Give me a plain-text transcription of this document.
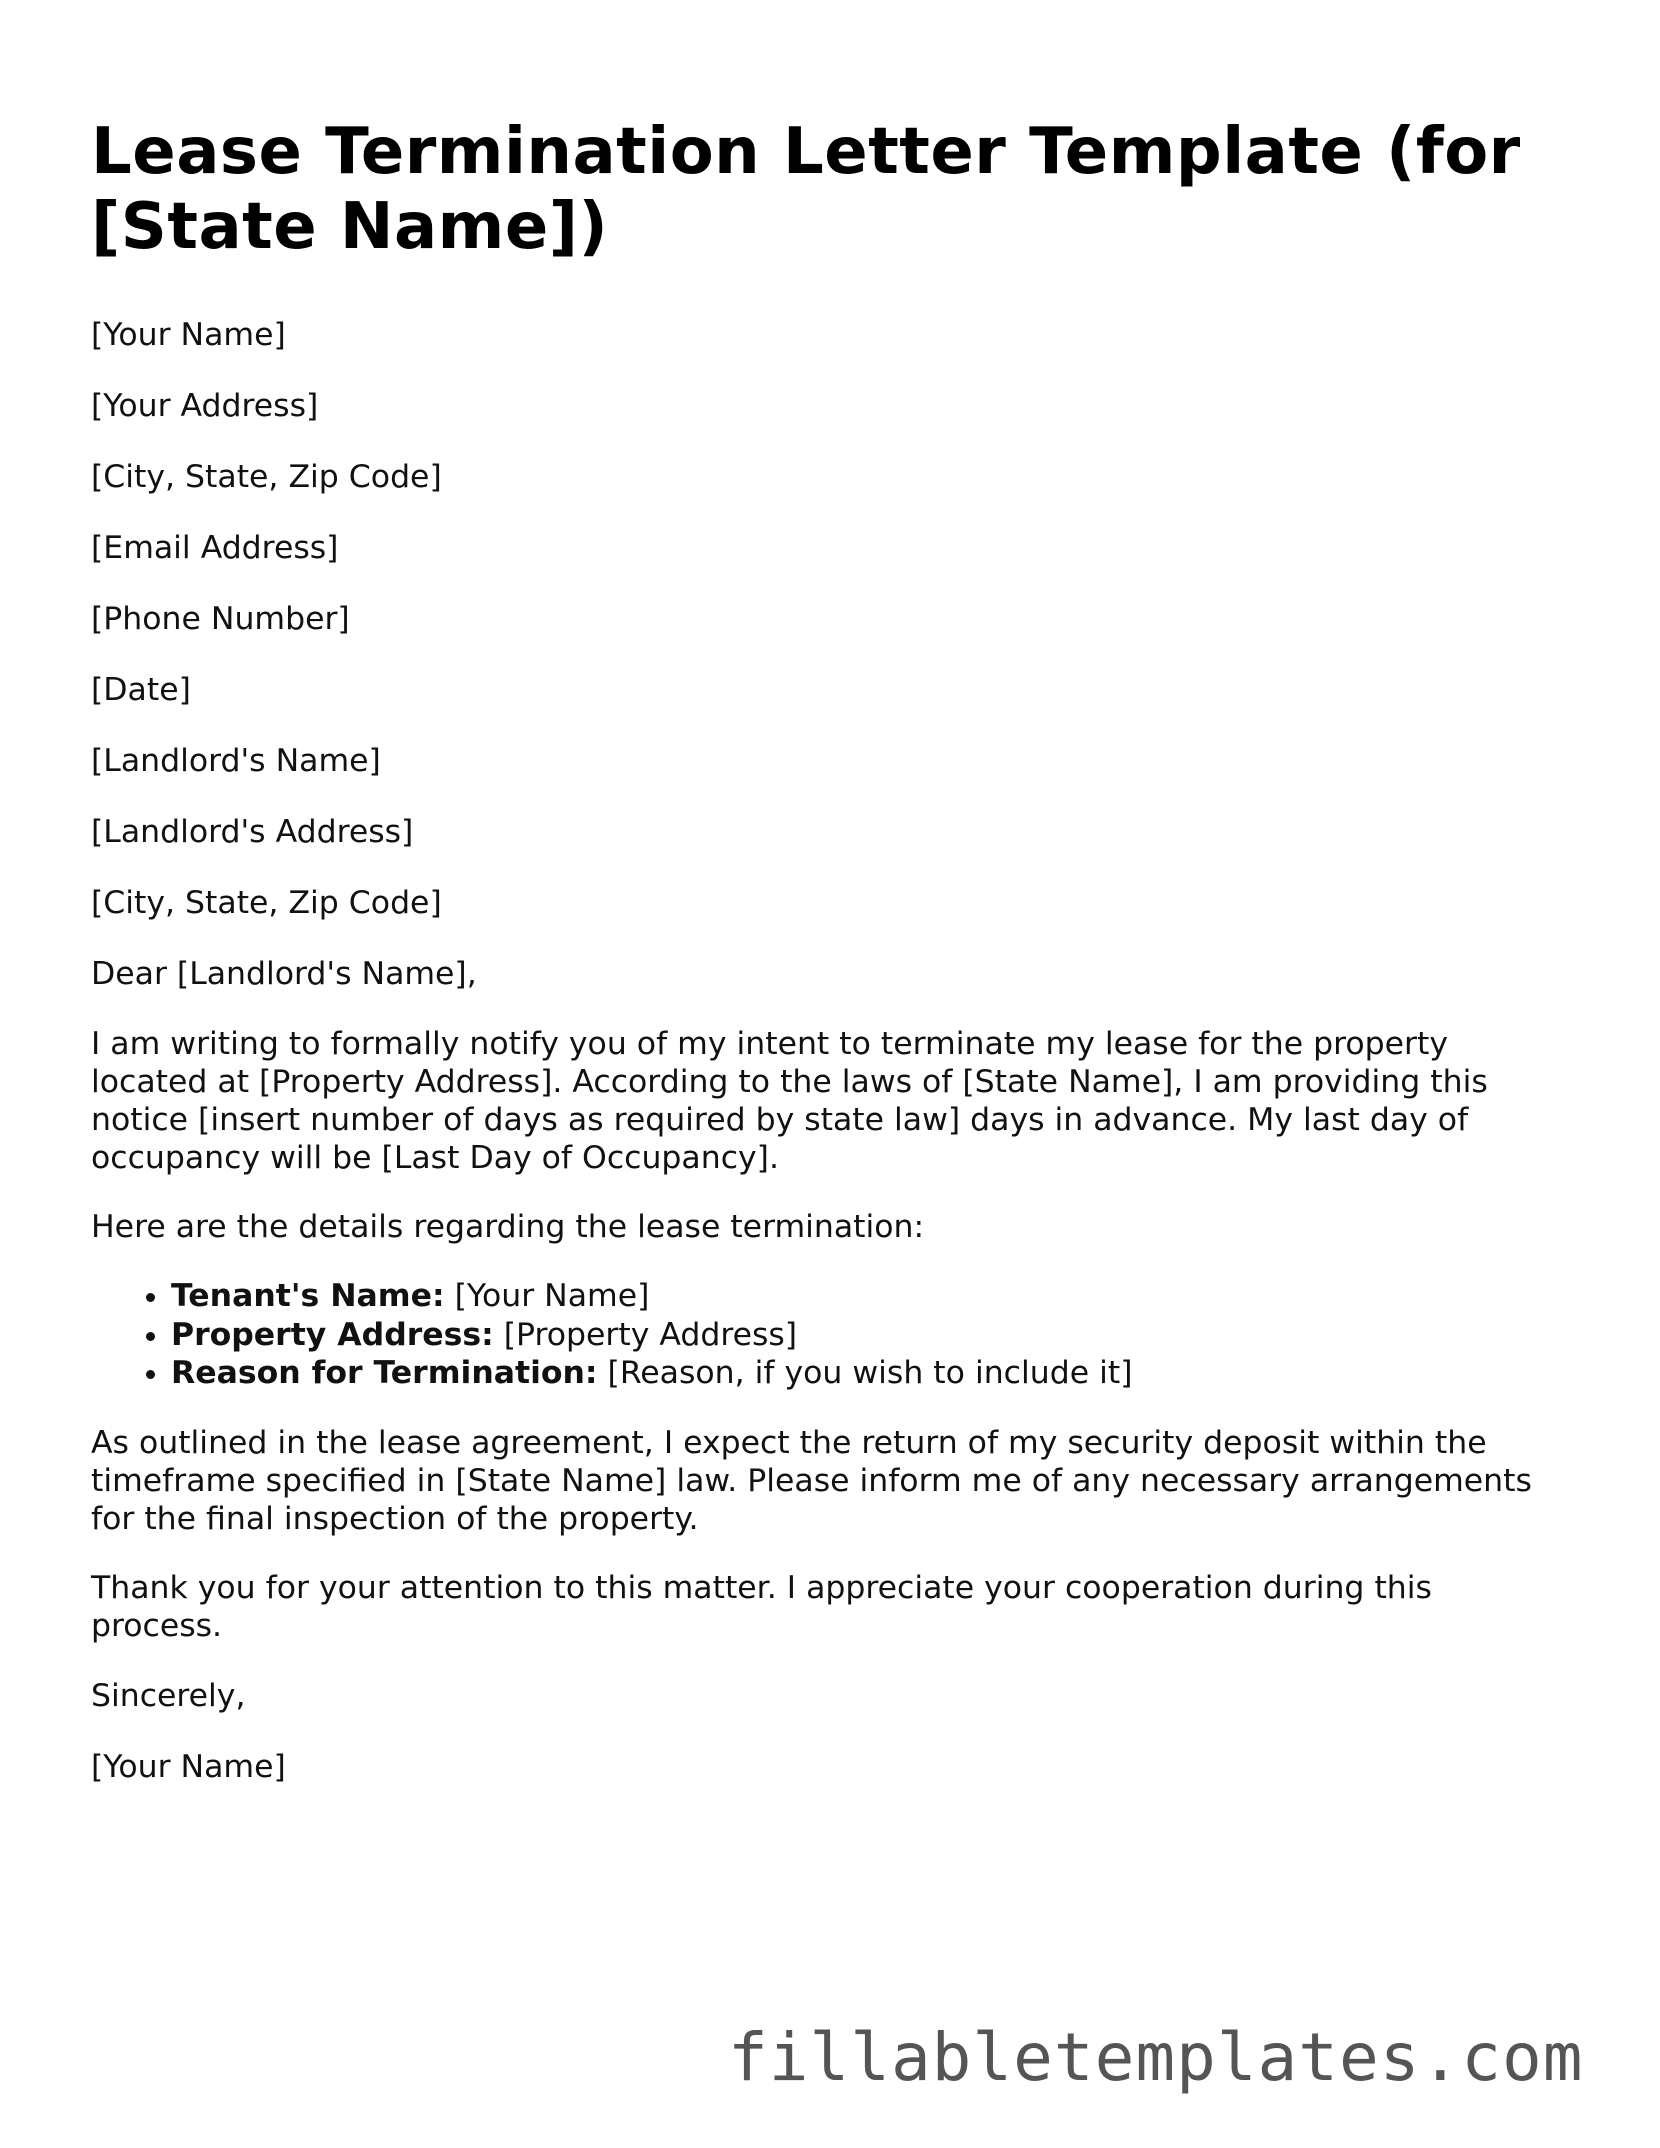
Lease Termination Letter Template (for [State Name])

[Your Name]

[Your Address]

[City, State, Zip Code]

[Email Address]

[Phone Number]

[Date]

[Landlord's Name]

[Landlord's Address]

[City, State, Zip Code]

Dear [Landlord's Name],

I am writing to formally notify you of my intent to terminate my lease for the property located at [Property Address]. According to the laws of [State Name], I am providing this notice [insert number of days as required by state law] days in advance. My last day of occupancy will be [Last Day of Occupancy].

Here are the details regarding the lease termination:

• Tenant's Name: [Your Name]
• Property Address: [Property Address]
• Reason for Termination: [Reason, if you wish to include it]

As outlined in the lease agreement, I expect the return of my security deposit within the timeframe specified in [State Name] law. Please inform me of any necessary arrangements for the final inspection of the property.

Thank you for your attention to this matter. I appreciate your cooperation during this process.

Sincerely,

[Your Name]

fillabletemplates.com
